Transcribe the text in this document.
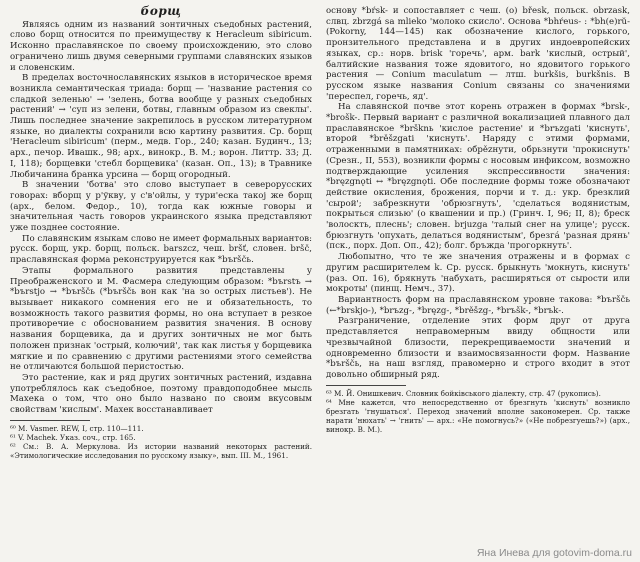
борщ

Являясь одним из названий зонтичных съедобных растений, слово борщ относится по преимуществу к Heracleum sibiricum. Исконно праславянское по своему происхождению, это слово ограничено лишь двумя северными группами славянских языков и словенским.

В пределах восточнославянских языков в историческое время возникла семантическая триада: борщ — 'название растения со сладкой зеленью' → 'зелень, ботва вообще у разных съедобных растений' → 'суп из зелени, ботвы, главным образом из свеклы'. Лишь последнее значение закрепилось в русском литературном языке, но диалекты сохранили всю картину развития. Ср. борщ 'Heracleum sibiricum' (перм., медв. Гор., 240; казан. Будинч., 13; арх., печор. Ивашк., 98; арх., винокр., В. М.; ворон. Литтр. 33; Д. I, 118); борщевки 'стебл борщевика' (казан. Оп., 13); в Травнике Любичанина бранка урсина — борщ огородный.

В значении 'ботва' это слово выступает в северорусских говорах: вборщ у р'ўкву, у с'в'ойлы, у тури'еска такоj же борщ (арх., белом. Федор., 10), тогда как южные говоры и значительная часть говоров украинского языка представляют уже позднее состояние.

По славянским языкам слово не имеет формальных вариантов: русск. борщ, укр. борщ, польск. barszcz, чеш. bršť, словен. bršč, праславянская форма реконструируется как *bъrščь.

Этапы формального развития представлены у Преображенского и М. Фасмера следующим образом: *bъrstъ → *bъrstjo → *bъrščь (*bъrščь вон как 'на зо острых листьев'). Не вызывает никакого сомнения его не и обязательность, то возможность такого развития формы, но она вступает в резкое противоречие с обоснованием развития значения. В основу названия борщевика, да и других зонтичных не мог быть положен признак 'острый, колючий', так как листья у борщевика мягкие и по сравнению с другими растениями этого семейства не отличаются большой перистостью.

Это растение, как и ряд других зонтичных растений, издавна употреблялось как съедобное, поэтому правдоподобнее мысль Махека о том, что оно было названо по своим вкусовым свойствам 'кислым'. Махек восстанавливает

⁶⁰ M. Vasmer. REW, I, стр. 110—111.

⁶¹ V. Machek. Указ. соч., стр. 165.

⁶² См.: В. А. Меркулова. Из истории названий некоторых растений. «Этимологические исследования по русскому языку», вып. III. М., 1961.

основу *bŕsk- и сопоставляет с чеш. (o) břesk, польск. obrzask, слвц. zbrzgá sa mlieko 'молоко скисло'. Основа *bhŕeus- : *bh(e)rŭ- (Pokorny, 144—145) как обозначение кислого, горького, пронзительного представлена и в других индоевропейских языках, ср.: норв. brisk 'горечь', арм. bark 'кислый, острый', балтийские названия тоже ядовитого, но ядовитого горького растения — Conium maculatum — лтш. burkšis, burkšnis. В русском языке названия Conium связаны со значениями 'переспел, горечь, яд'.

На славянской почве этот корень отражен в формах *brsk-, *brošk-. Первый вариант с различной вокализацией плавного дал праславянское *bršknь 'кислое растение' и *brъzgati 'киснуть', второй *brěšzgati 'киснуть'. Наряду с этими формами, отраженными в памятниках: обрězнути, обрьзнути 'прокиснуть' (Срезн., II, 553), возникли формы с носовым инфиксом, возможно подтверждающие усиления экспрессивности значения: *bręzgnǫti ↔ *bręzgnǫti. Обе последние формы тоже обозначают действие окисления, брожения, порчи и т. д.: укр. брезклий 'сырой'; забрезкнути 'обрюзгнуть', 'сделаться водянистым, покрыться слизью' (о квашении и пр.) (Гринч. I, 96; II, 8); бреск 'волоскть, плеснь'; словен. brjuzga 'талый снег на улице'; русск. брюзгнуть 'опухать, делаться водянистым', брезгá 'разная дрянь' (пск., порх. Доп. Оп., 42); болг. бръжда 'прогоркнуть'.

Любопытно, что те же значения отражены и в формах с другим расширителем k. Ср. русск. брыкнуть 'мокнуть, киснуть' (раз. Оп. 16), брякнуть 'набухать, расширяться от сырости или мокроты' (пинщ. Немч., 37).

Вариантность форм на праславянском уровне такова: *bъrščь (←*brskjo-), *brъzg-, *bręzg-, *brěšzg-, *brъšk-, *brъk-.

Разграничение, отделение этих форм друг от друга представляется неправомерным ввиду общности или чрезвычайной близости, перекрещиваемости значений и одновременно близости и взаимосвязанности форм. Название *bъrščь, на наш взгляд, правомерно и строго входит в этот довольно обширный ряд.

⁶³ М. Й. Онишкевич. Словник бойківського діалекту, стр. 47 (рукопись).

⁶⁴ Мне кажется, что непосредственно от брезгнуть 'киснуть' возникло брезгать 'гнушаться'. Переход значений вполне закономерен. Ср. также нарати 'нюхать' → 'гнить' — арх.: «Не помогнусь?» («Не побрезгуешь?») (арх., винокр. В. М.).

Яна Инева для gotovim-doma.ru
